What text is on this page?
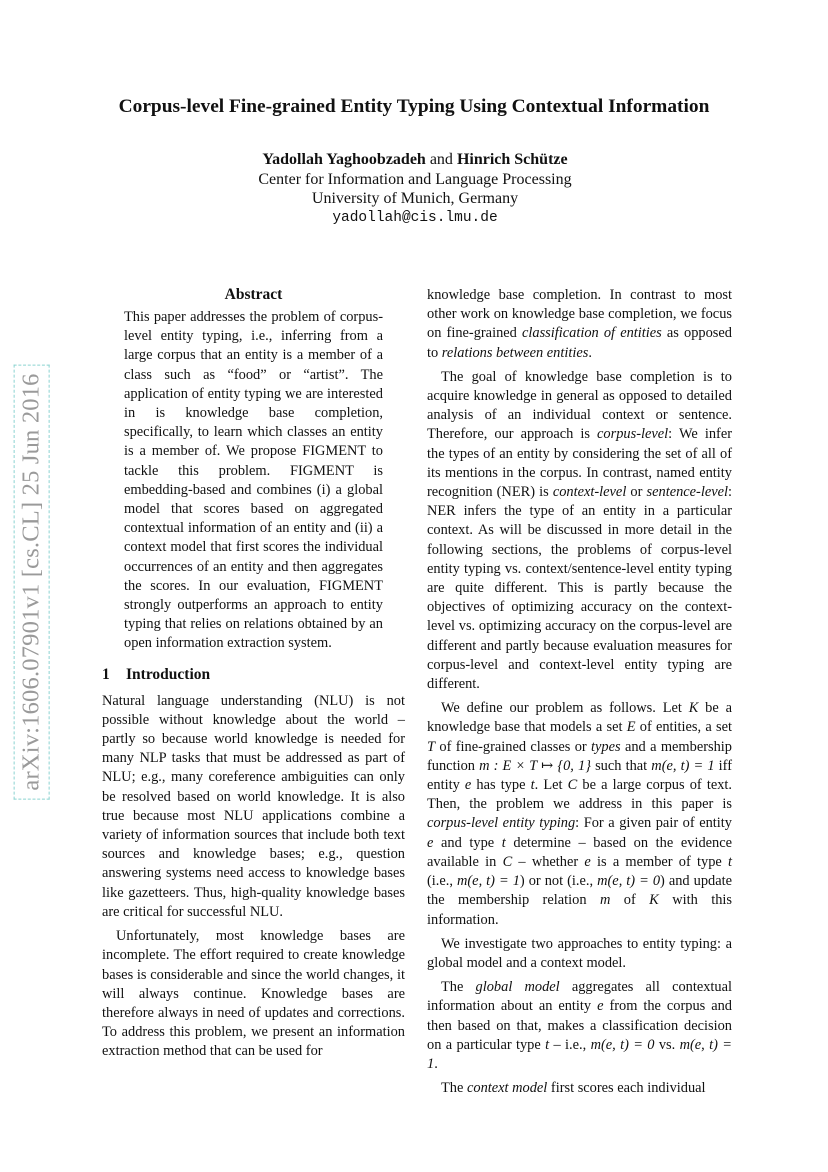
arXiv:1606.07901v1 [cs.CL] 25 Jun 2016
Corpus-level Fine-grained Entity Typing Using Contextual Information
Yadollah Yaghoobzadeh and Hinrich Schütze
Center for Information and Language Processing
University of Munich, Germany
yadollah@cis.lmu.de
Abstract

This paper addresses the problem of corpus-level entity typing, i.e., inferring from a large corpus that an entity is a member of a class such as “food” or “artist”. The application of entity typing we are interested in is knowledge base completion, specifically, to learn which classes an entity is a member of. We propose FIGMENT to tackle this problem. FIGMENT is embedding-based and combines (i) a global model that scores based on aggregated contextual information of an entity and (ii) a context model that first scores the individual occurrences of an entity and then aggregates the scores. In our evaluation, FIGMENT strongly outperforms an approach to entity typing that relies on relations obtained by an open information extraction system.

1 Introduction

Natural language understanding (NLU) is not possible without knowledge about the world – partly so because world knowledge is needed for many NLP tasks that must be addressed as part of NLU; e.g., many coreference ambiguities can only be resolved based on world knowledge. It is also true because most NLU applications combine a variety of information sources that include both text sources and knowledge bases; e.g., question answering systems need access to knowledge bases like gazetteers. Thus, high-quality knowledge bases are critical for successful NLU.

Unfortunately, most knowledge bases are incomplete. The effort required to create knowledge bases is considerable and since the world changes, it will always continue. Knowledge bases are therefore always in need of updates and corrections. To address this problem, we present an information extraction method that can be used for

knowledge base completion. In contrast to most other work on knowledge base completion, we focus on fine-grained classification of entities as opposed to relations between entities.

The goal of knowledge base completion is to acquire knowledge in general as opposed to detailed analysis of an individual context or sentence. Therefore, our approach is corpus-level: We infer the types of an entity by considering the set of all of its mentions in the corpus. In contrast, named entity recognition (NER) is context-level or sentence-level: NER infers the type of an entity in a particular context. As will be discussed in more detail in the following sections, the problems of corpus-level entity typing vs. context/sentence-level entity typing are quite different. This is partly because the objectives of optimizing accuracy on the context-level vs. optimizing accuracy on the corpus-level are different and partly because evaluation measures for corpus-level and context-level entity typing are different.

We define our problem as follows. Let K be a knowledge base that models a set E of entities, a set T of fine-grained classes or types and a membership function m : E × T ↦ {0, 1} such that m(e, t) = 1 iff entity e has type t. Let C be a large corpus of text. Then, the problem we address in this paper is corpus-level entity typing: For a given pair of entity e and type t determine – based on the evidence available in C – whether e is a member of type t (i.e., m(e, t) = 1) or not (i.e., m(e, t) = 0) and update the membership relation m of K with this information.

We investigate two approaches to entity typing: a global model and a context model.

The global model aggregates all contextual information about an entity e from the corpus and then based on that, makes a classification decision on a particular type t – i.e., m(e, t) = 0 vs. m(e, t) = 1.

The context model first scores each individual
